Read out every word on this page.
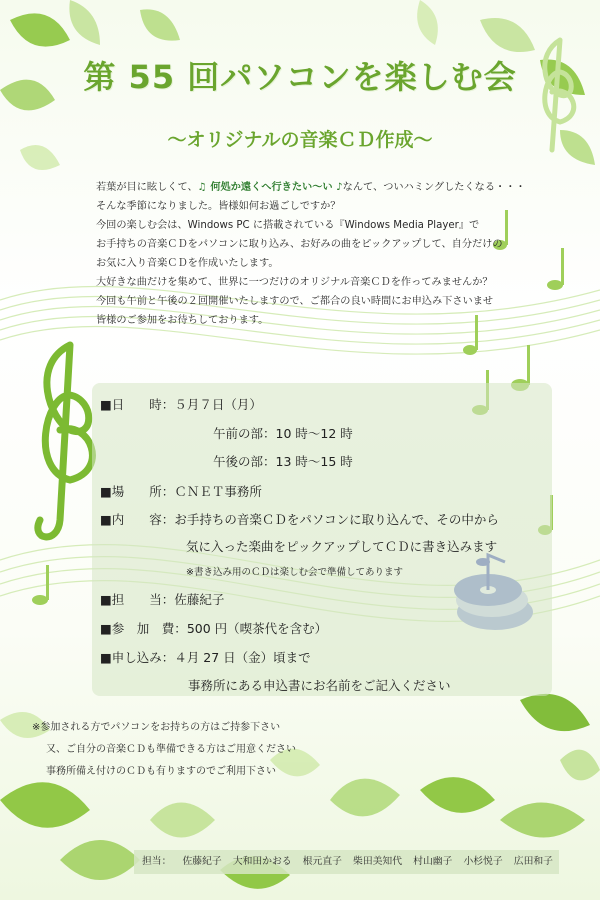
第 55 回パソコンを楽しむ会
～オリジナルの音楽ＣＤ作成～
若葉が目に眩しくて、♫ 何処か遠くへ行きたい～い ♪なんて、ついハミングしたくなる・・・
そんな季節になりました。皆様如何お過ごしですか？
今回の楽しむ会は、Windows PC に搭載されている『Windows Media Player』で
お手持ちの音楽ＣＤをパソコンに取り込み、お好みの曲をピックアップして、自分だけの
お気に入り音楽ＣＤを作成いたします。
大好きな曲だけを集めて、世界に一つだけのオリジナル音楽ＣＤを作ってみませんか？
今回も午前と午後の２回開催いたしますので、ご都合の良い時間にお申込み下さいませ
皆様のご参加をお待ちしております。
■日　　時：５月７日（月）
午前の部：10 時～12 時
午後の部：13 時～15 時
■場　　所：ＣＮＥＴ事務所
■内　　容：お手持ちの音楽ＣＤをパソコンに取り込んで、その中から
気に入った楽曲をピックアップしてＣＤに書き込みます
※書き込み用のＣＤは楽しむ会で準備してあります
■担　　当：佐藤紀子
■参　加　費：500 円（喫茶代を含む）
■申し込み：４月 27 日（金）頃まで
事務所にある申込書にお名前をご記入ください
※参加される方でパソコンをお持ちの方はご持参下さい
又、ご自分の音楽ＣＤも準備できる方はご用意ください
事務所備え付けのＣＤも有りますのでご利用下さい
担当： 佐藤紀子 大和田かおる 根元直子 柴田美知代 村山幽子 小杉悦子 広田和子
